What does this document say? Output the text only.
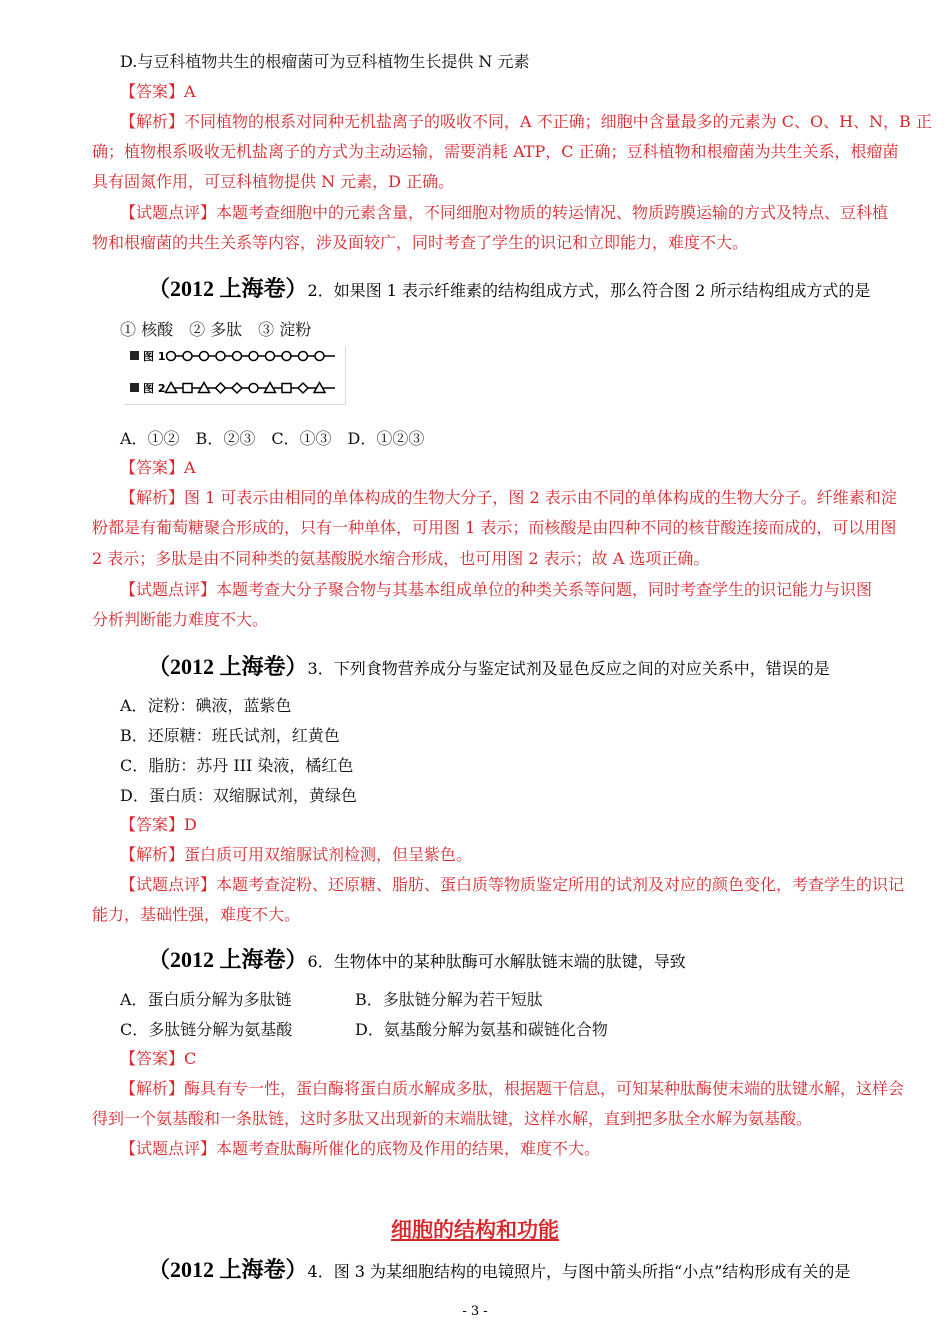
D.与豆科植物共生的根瘤菌可为豆科植物生长提供 N 元素
【答案】A
【解析】不同植物的根系对同种无机盐离子的吸收不同，A 不正确；细胞中含量最多的元素为 C、O、H、N，B 正
确；植物根系吸收无机盐离子的方式为主动运输，需要消耗 ATP，C 正确；豆科植物和根瘤菌为共生关系，根瘤菌
具有固氮作用，可豆科植物提供 N 元素，D 正确。
【试题点评】本题考查细胞中的元素含量，不同细胞对物质的转运情况、物质跨膜运输的方式及特点、豆科植
物和根瘤菌的共生关系等内容，涉及面较广，同时考查了学生的识记和立即能力，难度不大。
（2012 上海卷）2．如果图 1 表示纤维素的结构组成方式，那么符合图 2 所示结构组成方式的是
① 核酸　② 多肽　③ 淀粉
图 1
图 2
A．①②　B．②③　C．①③　D．①②③
【答案】A
【解析】图 1 可表示由相同的单体构成的生物大分子，图 2 表示由不同的单体构成的生物大分子。纤维素和淀
粉都是有葡萄糖聚合形成的，只有一种单体，可用图 1 表示；而核酸是由四种不同的核苷酸连接而成的，可以用图
2 表示；多肽是由不同种类的氨基酸脱水缩合形成，也可用图 2 表示；故 A 选项正确。
【试题点评】本题考查大分子聚合物与其基本组成单位的种类关系等问题，同时考查学生的识记能力与识图
分析判断能力难度不大。
（2012 上海卷）3．下列食物营养成分与鉴定试剂及显色反应之间的对应关系中，错误的是
A．淀粉：碘液，蓝紫色
B．还原糖：班氏试剂，红黄色
C．脂肪：苏丹 III 染液，橘红色
D．蛋白质：双缩脲试剂，黄绿色
【答案】D
【解析】蛋白质可用双缩脲试剂检测，但呈紫色。
【试题点评】本题考查淀粉、还原糖、脂肪、蛋白质等物质鉴定所用的试剂及对应的颜色变化，考查学生的识记
能力，基础性强，难度不大。
（2012 上海卷）6．生物体中的某种肽酶可水解肽链末端的肽键，导致
A．蛋白质分解为多肽链	B．多肽链分解为若干短肽
C．多肽链分解为氨基酸	D．氨基酸分解为氨基和碳链化合物
【答案】C
【解析】酶具有专一性，蛋白酶将蛋白质水解成多肽，根据题干信息，可知某种肽酶使末端的肽键水解，这样会
得到一个氨基酸和一条肽链，这时多肽又出现新的末端肽键，这样水解，直到把多肽全水解为氨基酸。
【试题点评】本题考查肽酶所催化的底物及作用的结果，难度不大。
细胞的结构和功能
（2012 上海卷）4．图 3 为某细胞结构的电镜照片，与图中箭头所指“小点”结构形成有关的是
- 3 -
